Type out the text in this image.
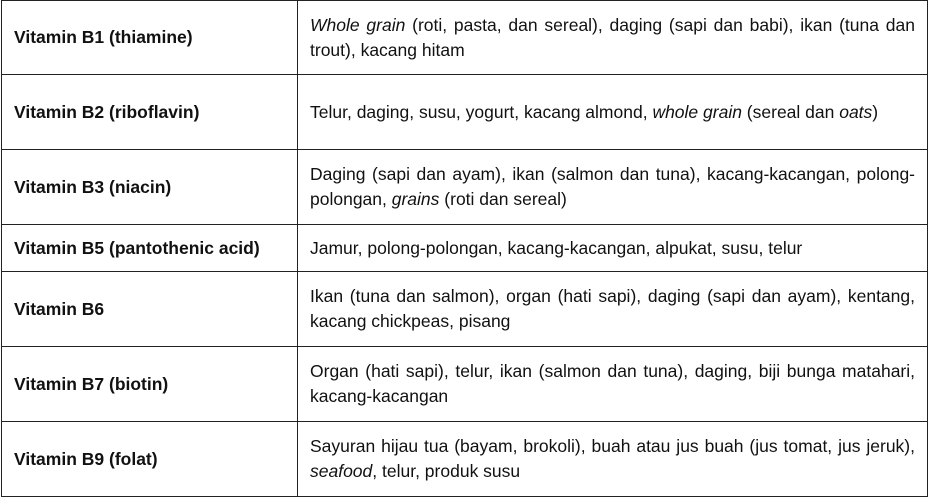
Vitamin B1 (thiamine)	Whole grain (roti, pasta, dan sereal), daging (sapi dan babi), ikan (tuna dan trout), kacang hitam
Vitamin B2 (riboflavin)	Telur, daging, susu, yogurt, kacang almond, whole grain (sereal dan oats)
Vitamin B3 (niacin)	Daging (sapi dan ayam), ikan (salmon dan tuna), kacang-kacangan, polong-polongan, grains (roti dan sereal)
Vitamin B5 (pantothenic acid)	Jamur, polong-polongan, kacang-kacangan, alpukat, susu, telur
Vitamin B6	Ikan (tuna dan salmon), organ (hati sapi), daging (sapi dan ayam), kentang, kacang chickpeas, pisang
Vitamin B7 (biotin)	Organ (hati sapi), telur, ikan (salmon dan tuna), daging, biji bunga matahari, kacang-kacangan
Vitamin B9 (folat)	Sayuran hijau tua (bayam, brokoli), buah atau jus buah (jus tomat, jus jeruk), seafood, telur, produk susu
